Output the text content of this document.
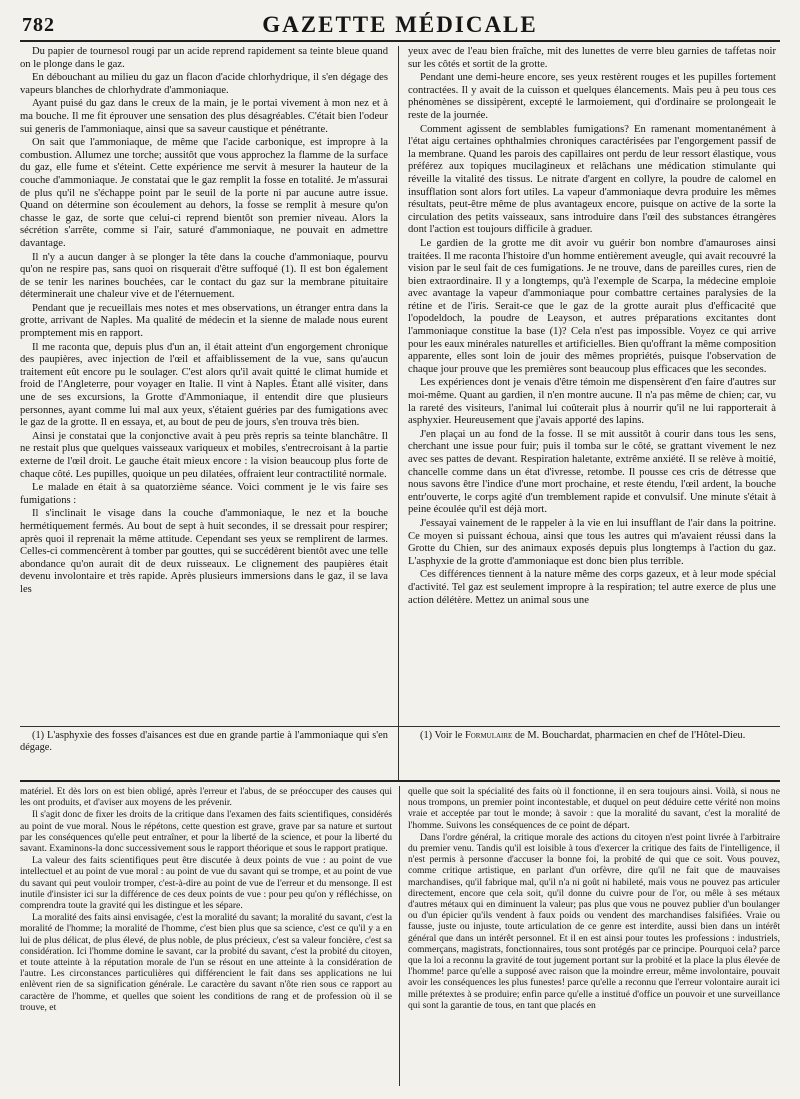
782	GAZETTE MÉDICALE

Du papier de tournesol rougi par un acide reprend rapidement sa teinte bleue quand on le plonge dans le gaz.

En débouchant au milieu du gaz un flacon d'acide chlorhydrique, il s'en dégage des vapeurs blanches de chlorhydrate d'ammoniaque.

Ayant puisé du gaz dans le creux de la main, je le portai vivement à mon nez et à ma bouche. Il me fit éprouver une sensation des plus désagréables. C'était bien l'odeur sui generis de l'ammoniaque, ainsi que sa saveur caustique et pénétrante.

On sait que l'ammoniaque, de même que l'acide carbonique, est impropre à la combustion. Allumez une torche; aussitôt que vous approchez la flamme de la surface du gaz, elle fume et s'éteint. Cette expérience me servit à mesurer la hauteur de la couche d'ammoniaque. Je constatai que le gaz remplit la fosse en totalité. Je m'assurai de plus qu'il ne s'échappe point par le seuil de la porte ni par aucune autre issue. Quand on détermine son écoulement au dehors, la fosse se remplit à mesure qu'on chasse le gaz, de sorte que celui-ci reprend bientôt son premier niveau. Alors la sécrétion s'arrête, comme si l'air, saturé d'ammoniaque, ne pouvait en admettre davantage.

Il n'y a aucun danger à se plonger la tête dans la couche d'ammoniaque, pourvu qu'on ne respire pas, sans quoi on risquerait d'être suffoqué (1). Il est bon également de se tenir les narines bouchées, car le contact du gaz sur la membrane pituitaire déterminerait une chaleur vive et de l'éternuement.

Pendant que je recueillais mes notes et mes observations, un étranger entra dans la grotte, arrivant de Naples. Ma qualité de médecin et la sienne de malade nous eurent promptement mis en rapport.

Il me raconta que, depuis plus d'un an, il était atteint d'un engorgement chronique des paupières, avec injection de l'œil et affaiblissement de la vue, sans qu'aucun traitement eût encore pu le soulager. C'est alors qu'il avait quitté le climat humide et froid de l'Angleterre, pour voyager en Italie. Il vint à Naples. Étant allé visiter, dans une de ses excursions, la Grotte d'Ammoniaque, il entendit dire que plusieurs personnes, ayant comme lui mal aux yeux, s'étaient guéries par des fumigations avec le gaz de la grotte. Il en essaya, et, au bout de peu de jours, s'en trouva très bien.

Ainsi je constatai que la conjonctive avait à peu près repris sa teinte blanchâtre. Il ne restait plus que quelques vaisseaux variqueux et mobiles, s'entrecroisant à la partie externe de l'œil droit. Le gauche était mieux encore : la vision beaucoup plus forte de chaque côté. Les pupilles, quoique un peu dilatées, offraient leur contractilité normale.

Le malade en était à sa quatorzième séance. Voici comment je le vis faire ses fumigations :

Il s'inclinait le visage dans la couche d'ammoniaque, le nez et la bouche hermétiquement fermés. Au bout de sept à huit secondes, il se dressait pour respirer; après quoi il reprenait la même attitude. Cependant ses yeux se remplirent de larmes. Celles-ci commencèrent à tomber par gouttes, qui se succédèrent bientôt avec une telle abondance qu'on aurait dit de deux ruisseaux. Le clignement des paupières était devenu involontaire et très rapide. Après plusieurs immersions dans le gaz, il se lava les

yeux avec de l'eau bien fraîche, mit des lunettes de verre bleu garnies de taffetas noir sur les côtés et sortit de la grotte.

Pendant une demi-heure encore, ses yeux restèrent rouges et les pupilles fortement contractées. Il y avait de la cuisson et quelques élancements. Mais peu à peu tous ces phénomènes se dissipèrent, excepté le larmoiement, qui d'ordinaire se prolongeait le reste de la journée.

Comment agissent de semblables fumigations? En ramenant momentanément à l'état aigu certaines ophthalmies chroniques caractérisées par l'engorgement passif de la membrane. Quand les parois des capillaires ont perdu de leur ressort élastique, vous préférez aux topiques mucilagineux et relâchans une médication stimulante qui réveille la vitalité des tissus. Le nitrate d'argent en collyre, la poudre de calomel en insufflation sont alors fort utiles. La vapeur d'ammoniaque devra produire les mêmes résultats, peut-être même de plus avantageux encore, puisque on active de la sorte la circulation des petits vaisseaux, sans introduire dans l'œil des substances étrangères dont l'action est toujours difficile à graduer.

Le gardien de la grotte me dit avoir vu guérir bon nombre d'amauroses ainsi traitées. Il me raconta l'histoire d'un homme entièrement aveugle, qui avait recouvré la vision par le seul fait de ces fumigations. Je ne trouve, dans de pareilles cures, rien de bien extraordinaire. Il y a longtemps, qu'à l'exemple de Scarpa, la médecine emploie avec avantage la vapeur d'ammoniaque pour combattre certaines paralysies de la rétine et de l'iris. Serait-ce que le gaz de la grotte aurait plus d'efficacité que l'opodeldoch, la poudre de Leayson, et autres préparations excitantes dont l'ammoniaque constitue la base (1)? Cela n'est pas impossible. Voyez ce qui arrive pour les eaux minérales naturelles et artificielles. Bien qu'offrant la même composition apparente, elles sont loin de jouir des mêmes propriétés, puisque l'observation de chaque jour prouve que les premières sont beaucoup plus efficaces que les secondes.

Les expériences dont je venais d'être témoin me dispensèrent d'en faire d'autres sur moi-même. Quant au gardien, il n'en montre aucune. Il n'a pas même de chien; car, vu la rareté des visiteurs, l'animal lui coûterait plus à nourrir qu'il ne lui rapporterait à asphyxier. Heureusement que j'avais apporté des lapins.

J'en plaçai un au fond de la fosse. Il se mit aussitôt à courir dans tous les sens, cherchant une issue pour fuir; puis il tomba sur le côté, se grattant vivement le nez avec ses pattes de devant. Respiration haletante, extrême anxiété. Il se relève à moitié, chancelle comme dans un état d'ivresse, retombe. Il pousse ces cris de détresse que nous savons être l'indice d'une mort prochaine, et reste étendu, l'œil ardent, la bouche entr'ouverte, le corps agité d'un tremblement rapide et convulsif. Une minute s'était à peine écoulée qu'il est déjà mort.

J'essayai vainement de le rappeler à la vie en lui insufflant de l'air dans la poitrine. Ce moyen si puissant échoua, ainsi que tous les autres qui m'avaient réussi dans la Grotte du Chien, sur des animaux exposés depuis plus longtemps à l'action du gaz. L'asphyxie de la grotte d'ammoniaque est donc bien plus terrible.

Ces différences tiennent à la nature même des corps gazeux, et à leur mode spécial d'activité. Tel gaz est seulement impropre à la respiration; tel autre exerce de plus une action délétère. Mettez un animal sous une

(1) L'asphyxie des fosses d'aisances est due en grande partie à l'ammoniaque qui s'en dégage.
(1) Voir le Formulaire de M. Bouchardat, pharmacien en chef de l'Hôtel-Dieu.

matériel. Et dès lors on est bien obligé, après l'erreur et l'abus, de se préoccuper des causes qui les ont produits, et d'aviser aux moyens de les prévenir.

Il s'agit donc de fixer les droits de la critique dans l'examen des faits scientifiques, considérés au point de vue moral. Nous le répétons, cette question est grave, grave par sa nature et surtout par les conséquences qu'elle peut entraîner, et pour la liberté de la science, et pour la liberté du savant. Examinons-la donc successivement sous le rapport théorique et sous le rapport pratique.

La valeur des faits scientifiques peut être discutée à deux points de vue : au point de vue intellectuel et au point de vue moral : au point de vue du savant qui se trompe, et au point de vue du savant qui peut vouloir tromper, c'est-à-dire au point de vue de l'erreur et du mensonge. Il est inutile d'insister ici sur la différence de ces deux points de vue : pour peu qu'on y réfléchisse, on comprendra toute la gravité qui les distingue et les sépare.

La moralité des faits ainsi envisagée, c'est la moralité du savant; la moralité du savant, c'est la moralité de l'homme; la moralité de l'homme, c'est bien plus que sa science, c'est ce qu'il y a en lui de plus délicat, de plus élevé, de plus noble, de plus précieux, c'est sa valeur foncière, c'est sa considération. Ici l'homme domine le savant, car la probité du savant, c'est la probité du citoyen, et toute atteinte à la réputation morale de l'un se résout en une atteinte à la considération de l'autre. Les circonstances particulières qui différencient le fait dans ses applications ne lui enlèvent rien de sa signification générale. Le caractère du savant n'ôte rien sous ce rapport au caractère de l'homme, et quelles que soient les conditions de rang et de profession où il se trouve, et

quelle que soit la spécialité des faits où il fonctionne, il en sera toujours ainsi. Voilà, si nous ne nous trompons, un premier point incontestable, et duquel on peut déduire cette vérité non moins vraie et acceptée par tout le monde; à savoir : que la moralité du savant, c'est la moralité de l'homme. Suivons les conséquences de ce point de départ.

Dans l'ordre général, la critique morale des actions du citoyen n'est point livrée à l'arbitraire du premier venu. Tandis qu'il est loisible à tous d'exercer la critique des faits de l'intelligence, il n'est permis à personne d'accuser la bonne foi, la probité de qui que ce soit. Vous pouvez, comme critique artistique, en parlant d'un orfèvre, dire qu'il ne fait que de mauvaises marchandises, qu'il fabrique mal, qu'il n'a ni goût ni habileté, mais vous ne pouvez pas articuler directement, encore que cela soit, qu'il donne du cuivre pour de l'or, ou mêle à ses métaux d'autres métaux qui en diminuent la valeur; pas plus que vous ne pouvez publier d'un boulanger ou d'un épicier qu'ils vendent à faux poids ou vendent des marchandises falsifiées. Vraie ou fausse, juste ou injuste, toute articulation de ce genre est interdite, aussi bien dans un intérêt général que dans un intérêt personnel. Et il en est ainsi pour toutes les professions : industriels, commerçans, magistrats, fonctionnaires, tous sont protégés par ce principe. Pourquoi cela? parce que la loi a reconnu la gravité de tout jugement portant sur la probité et la place la plus élevée de l'homme! parce qu'elle a supposé avec raison que la moindre erreur, même involontaire, pouvait avoir les conséquences les plus funestes! parce qu'elle a reconnu que l'erreur volontaire aurait ici mille prétextes à se produire; enfin parce qu'elle a institué d'office un pouvoir et une surveillance qui sont la garantie de tous, en tant que placés en
